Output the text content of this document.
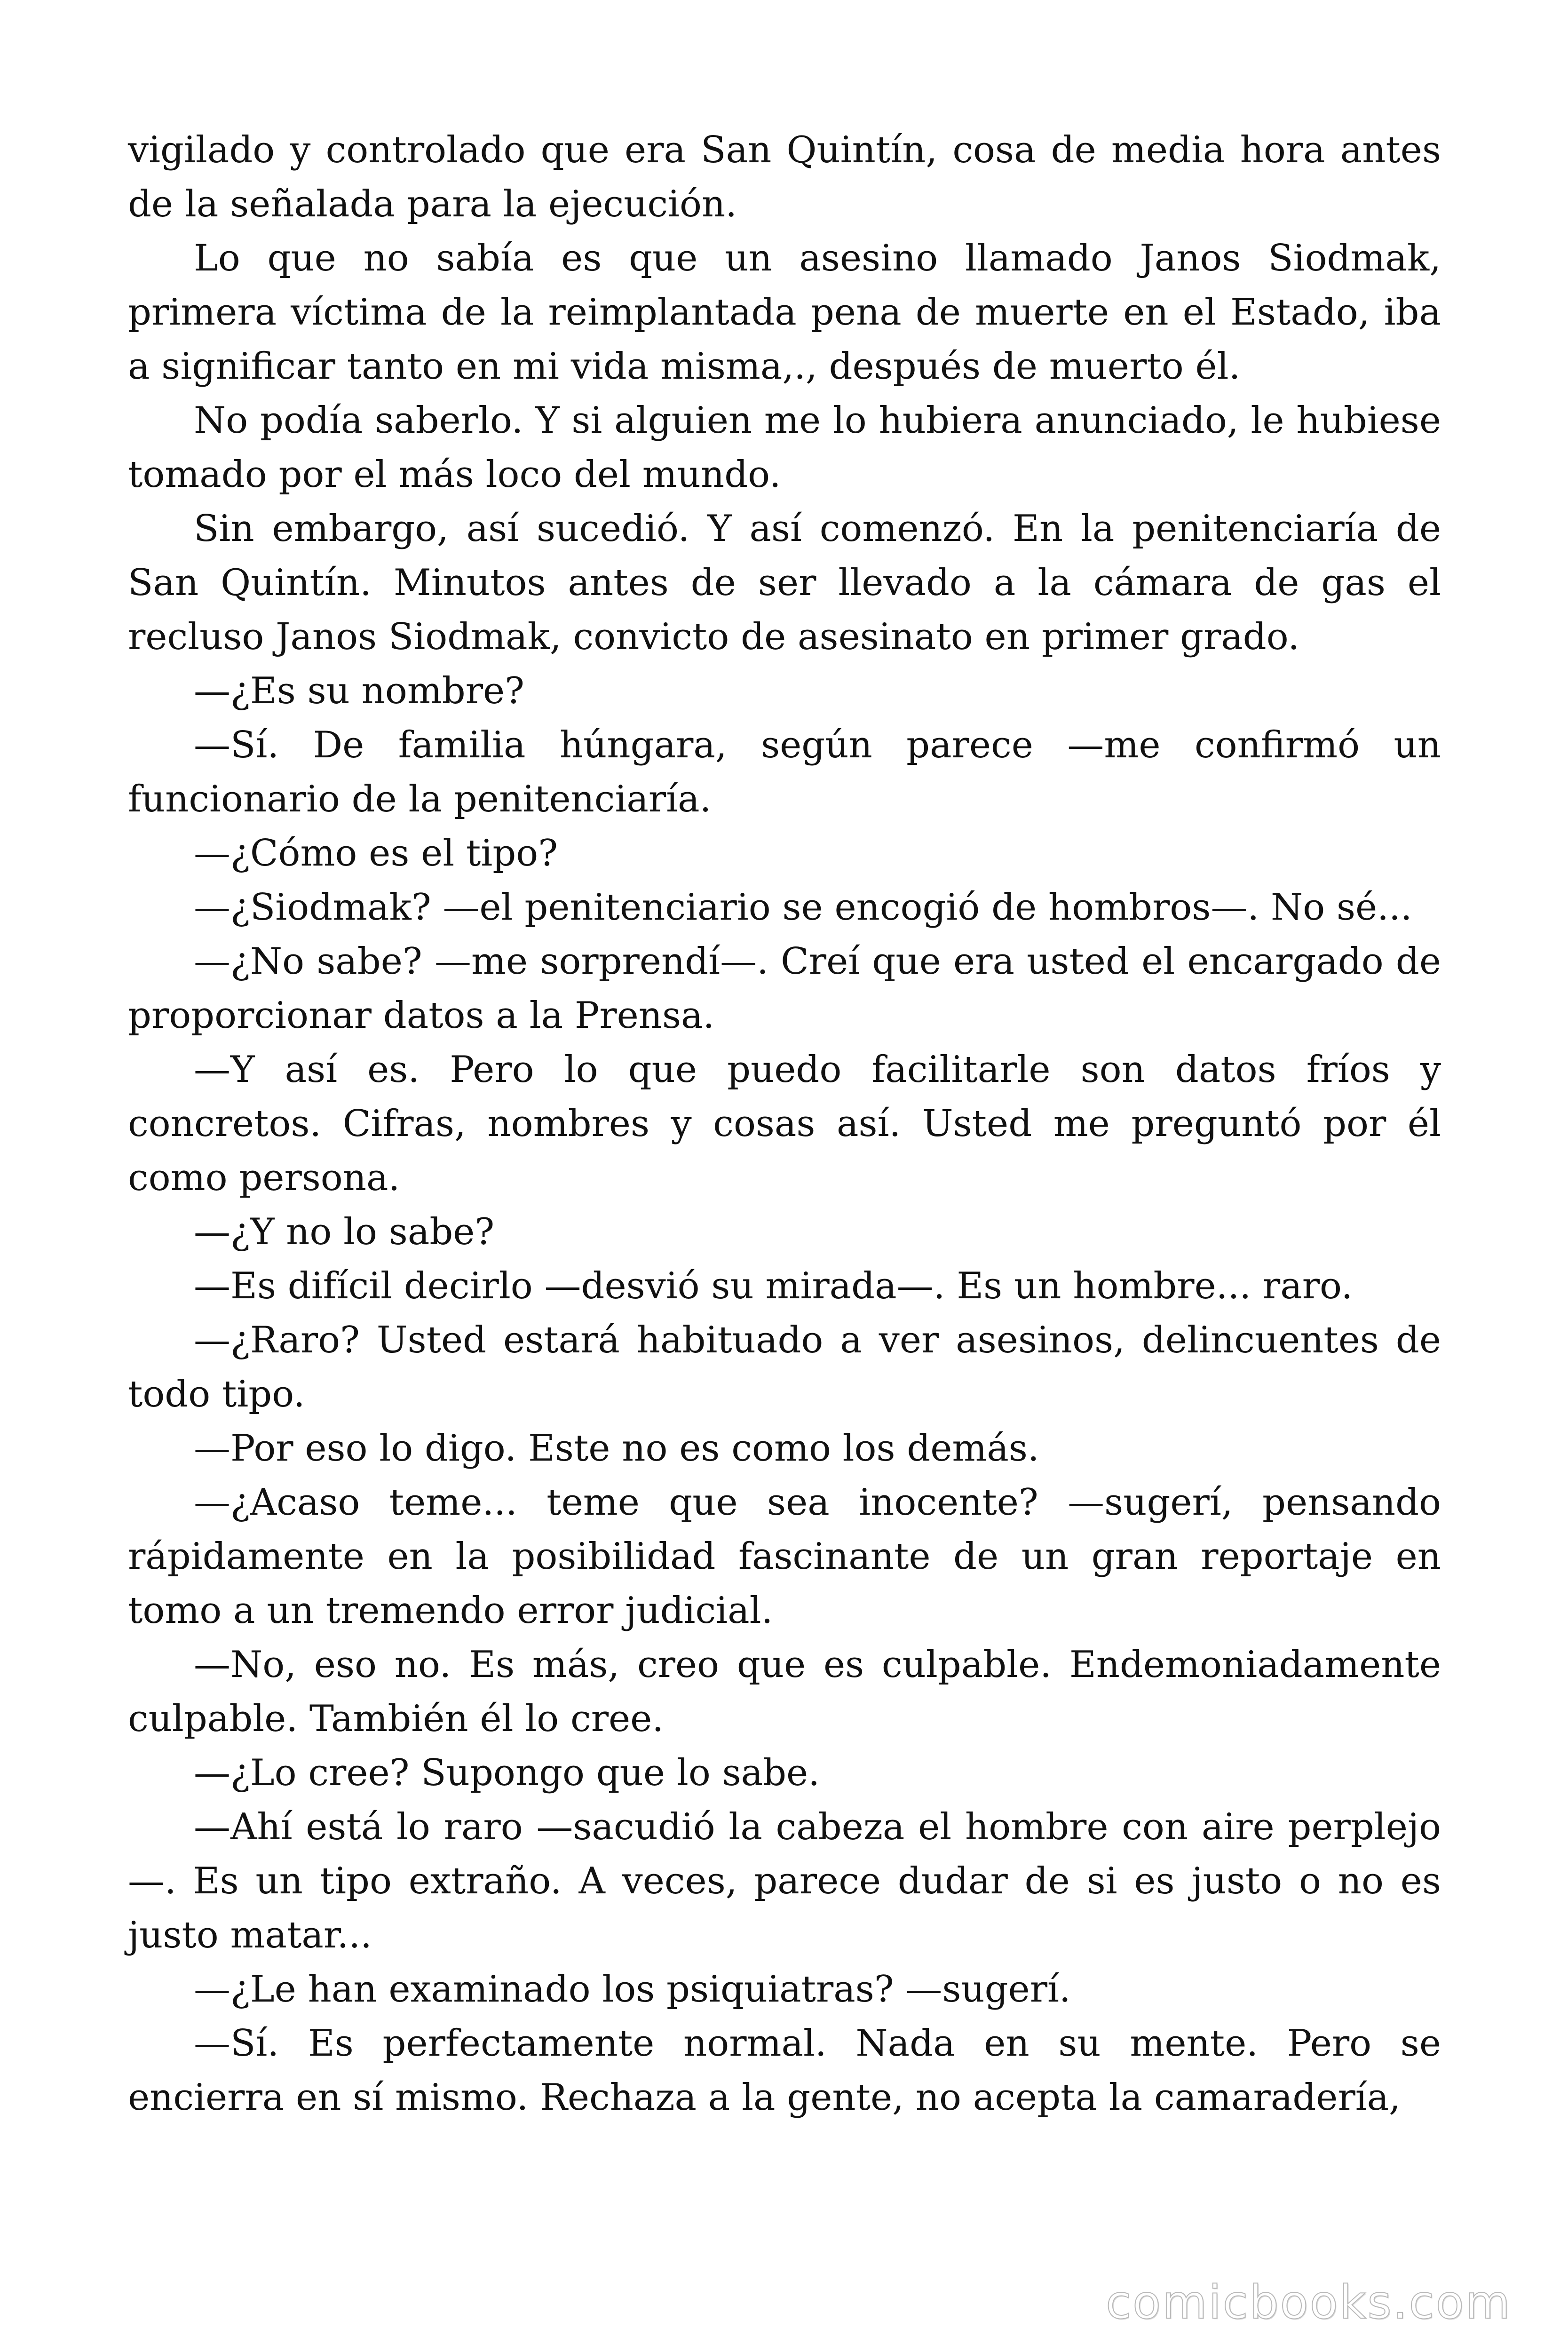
vigilado y controlado que era San Quintín, cosa de media hora antes de la señalada para la ejecución.

Lo que no sabía es que un asesino llamado Janos Siodmak, primera víctima de la reimplantada pena de muerte en el Estado, iba a significar tanto en mi vida misma,., después de muerto él.

No podía saberlo. Y si alguien me lo hubiera anunciado, le hubiese tomado por el más loco del mundo.

Sin embargo, así sucedió. Y así comenzó. En la penitenciaría de San Quintín. Minutos antes de ser llevado a la cámara de gas el recluso Janos Siodmak, convicto de asesinato en primer grado.

—¿Es su nombre?

—Sí. De familia húngara, según parece —me confirmó un funcionario de la penitenciaría.

—¿Cómo es el tipo?

—¿Siodmak? —el penitenciario se encogió de hombros—. No sé...

—¿No sabe? —me sorprendí—. Creí que era usted el encargado de proporcionar datos a la Prensa.

—Y así es. Pero lo que puedo facilitarle son datos fríos y concretos. Cifras, nombres y cosas así. Usted me preguntó por él como persona.

—¿Y no lo sabe?

—Es difícil decirlo —desvió su mirada—. Es un hombre... raro.

—¿Raro? Usted estará habituado a ver asesinos, delincuentes de todo tipo.

—Por eso lo digo. Este no es como los demás.

—¿Acaso teme... teme que sea inocente? —sugerí, pensando rápidamente en la posibilidad fascinante de un gran reportaje en tomo a un tremendo error judicial.

—No, eso no. Es más, creo que es culpable. Endemoniadamente culpable. También él lo cree.

—¿Lo cree? Supongo que lo sabe.

—Ahí está lo raro —sacudió la cabeza el hombre con aire perplejo—. Es un tipo extraño. A veces, parece dudar de si es justo o no es justo matar...

—¿Le han examinado los psiquiatras? —sugerí.

—Sí. Es perfectamente normal. Nada en su mente. Pero se encierra en sí mismo. Rechaza a la gente, no acepta la camaradería,

comicbooks.com
